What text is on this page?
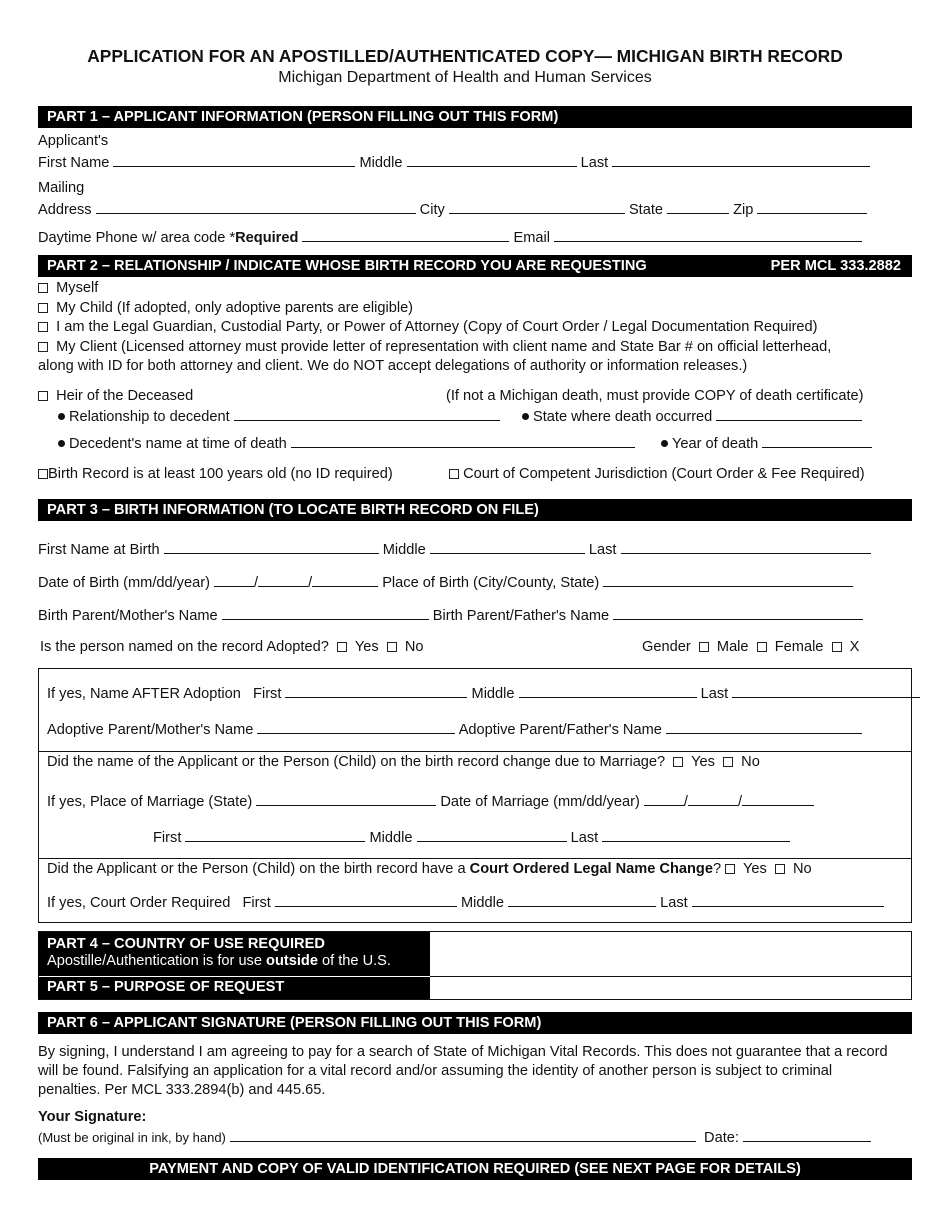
APPLICATION FOR AN APOSTILLED/AUTHENTICATED COPY— MICHIGAN BIRTH RECORD
Michigan Department of Health and Human Services
PART 1 – APPLICANT INFORMATION (PERSON FILLING OUT THIS FORM)
Applicant's
First Name	Middle	Last
Mailing
Address	City	State	Zip
Daytime Phone w/ area code *Required	Email
PART 2 – RELATIONSHIP / INDICATE WHOSE BIRTH RECORD YOU ARE REQUESTING	PER MCL 333.2882
Myself
My Child (If adopted, only adoptive parents are eligible)
I am the Legal Guardian, Custodial Party, or Power of Attorney (Copy of Court Order / Legal Documentation Required)
My Client (Licensed attorney must provide letter of representation with client name and State Bar # on official letterhead,
along with ID for both attorney and client. We do NOT accept delegations of authority or information releases.)
Heir of the Deceased	(If not a Michigan death, must provide COPY of death certificate)
Relationship to decedent	State where death occurred
Decedent's name at time of death	Year of death
Birth Record is at least 100 years old (no ID required)	Court of Competent Jurisdiction (Court Order & Fee Required)
PART 3 – BIRTH INFORMATION (TO LOCATE BIRTH RECORD ON FILE)
First Name at Birth	Middle	Last
Date of Birth (mm/dd/year)	/	/	Place of Birth (City/County, State)
Birth Parent/Mother's Name	Birth Parent/Father's Name
Is the person named on the record Adopted? Yes No	Gender Male Female X
If yes, Name AFTER Adoption First	Middle	Last
Adoptive Parent/Mother's Name	Adoptive Parent/Father's Name
Did the name of the Applicant or the Person (Child) on the birth record change due to Marriage? Yes No
If yes, Place of Marriage (State)	Date of Marriage (mm/dd/year)	/	/
First	Middle	Last
Did the Applicant or the Person (Child) on the birth record have a Court Ordered Legal Name Change? Yes No
If yes, Court Order Required First	Middle	Last
PART 4 – COUNTRY OF USE REQUIRED
Apostille/Authentication is for use outside of the U.S.
PART 5 – PURPOSE OF REQUEST
PART 6 – APPLICANT SIGNATURE (PERSON FILLING OUT THIS FORM)
By signing, I understand I am agreeing to pay for a search of State of Michigan Vital Records. This does not guarantee that a record will be found. Falsifying an application for a vital record and/or assuming the identity of another person is subject to criminal penalties. Per MCL 333.2894(b) and 445.65.
Your Signature:
(Must be original in ink, by hand)	Date:
PAYMENT AND COPY OF VALID IDENTIFICATION REQUIRED (SEE NEXT PAGE FOR DETAILS)
